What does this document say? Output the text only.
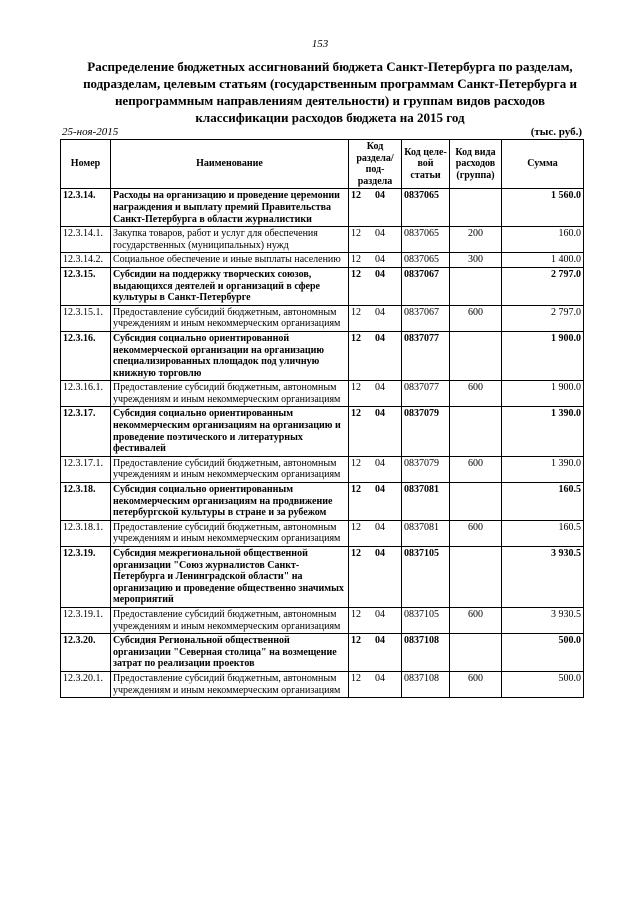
153
Распределение бюджетных ассигнований бюджета Санкт-Петербурга по разделам, подразделам, целевым статьям (государственным программам Санкт-Петербурга и непрограммным направлениям деятельности) и группам видов расходов классификации расходов бюджета на 2015 год
25-ноя-2015	(тыс. руб.)
Номер	Наименование	Код раздела/ под-раздела	Код целе-вой статьи	Код вида расходов (группа)	Сумма
12.3.14.	Расходы на организацию и проведение церемонии награждения и выплату премий Правительства Санкт-Петербурга в области журналистики	12 04	0837065		1 560.0
12.3.14.1.	Закупка товаров, работ и услуг для обеспечения государственных (муниципальных) нужд	12 04	0837065	200	160.0
12.3.14.2.	Социальное обеспечение и иные выплаты населению	12 04	0837065	300	1 400.0
12.3.15.	Субсидии на поддержку творческих союзов, выдающихся деятелей и организаций в сфере культуры в Санкт-Петербурге	12 04	0837067		2 797.0
12.3.15.1.	Предоставление субсидий бюджетным, автономным учреждениям и иным некоммерческим организациям	12 04	0837067	600	2 797.0
12.3.16.	Субсидия социально ориентированной некоммерческой организации на организацию специализированных площадок под уличную книжную торговлю	12 04	0837077		1 900.0
12.3.16.1.	Предоставление субсидий бюджетным, автономным учреждениям и иным некоммерческим организациям	12 04	0837077	600	1 900.0
12.3.17.	Субсидия социально ориентированным некоммерческим организациям на организацию и проведение поэтического и литературных фестивалей	12 04	0837079		1 390.0
12.3.17.1.	Предоставление субсидий бюджетным, автономным учреждениям и иным некоммерческим организациям	12 04	0837079	600	1 390.0
12.3.18.	Субсидия социально ориентированным некоммерческим организациям на продвижение петербургской культуры в стране и за рубежом	12 04	0837081		160.5
12.3.18.1.	Предоставление субсидий бюджетным, автономным учреждениям и иным некоммерческим организациям	12 04	0837081	600	160.5
12.3.19.	Субсидия межрегиональной общественной организации "Союз журналистов Санкт-Петербурга и Ленинградской области" на организацию и проведение общественно значимых мероприятий	12 04	0837105		3 930.5
12.3.19.1.	Предоставление субсидий бюджетным, автономным учреждениям и иным некоммерческим организациям	12 04	0837105	600	3 930.5
12.3.20.	Субсидия Региональной общественной организации "Северная столица" на возмещение затрат по реализации проектов	12 04	0837108		500.0
12.3.20.1.	Предоставление субсидий бюджетным, автономным учреждениям и иным некоммерческим организациям	12 04	0837108	600	500.0
